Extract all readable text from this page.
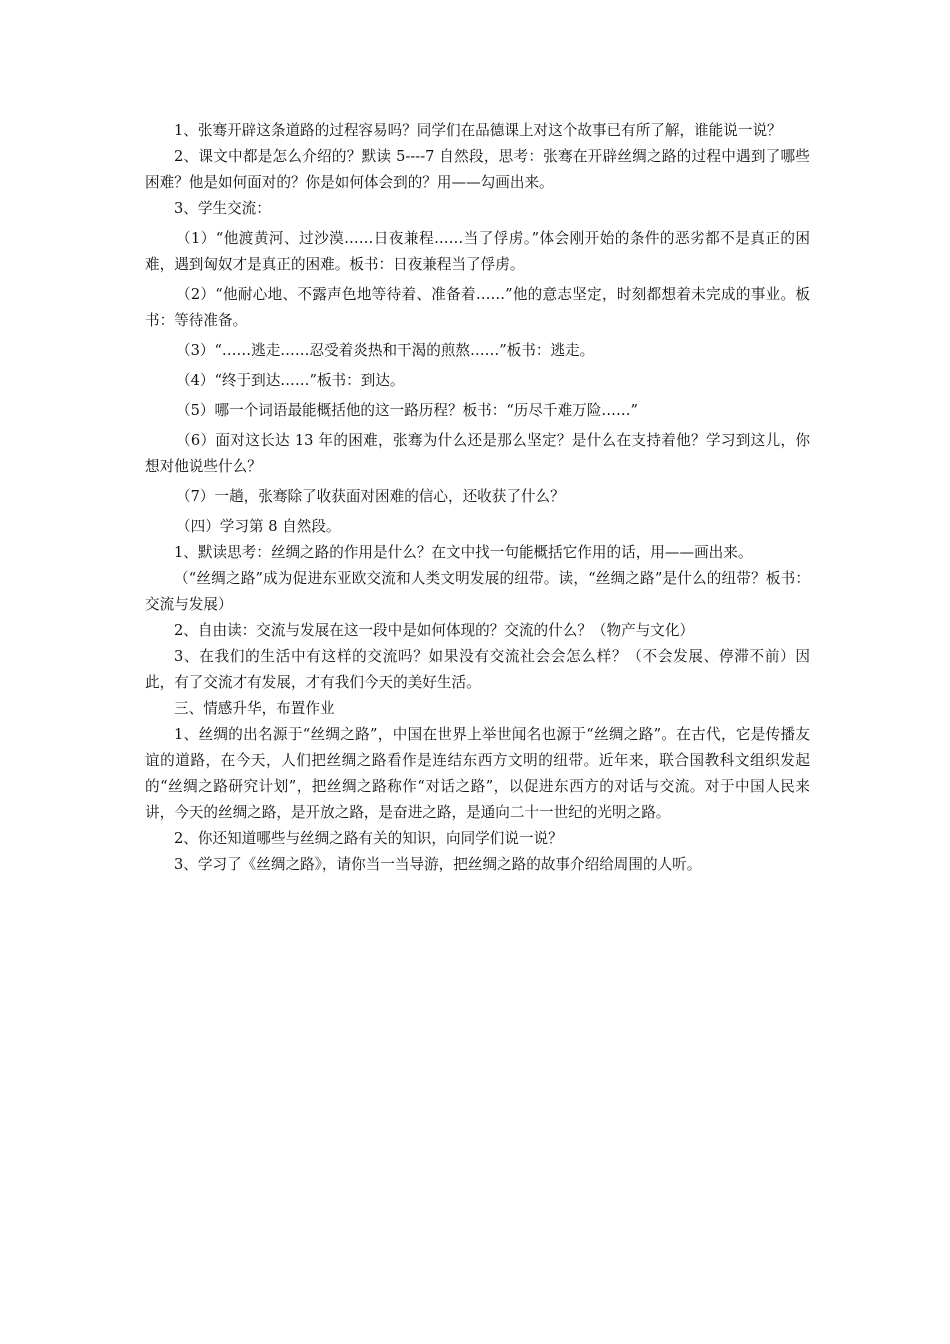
1、张骞开辟这条道路的过程容易吗？同学们在品德课上对这个故事已有所了解，谁能说一说？

2、课文中都是怎么介绍的？默读 5----7 自然段，思考：张骞在开辟丝绸之路的过程中遇到了哪些困难？他是如何面对的？你是如何体会到的？用——勾画出来。

3、学生交流：

（1）“他渡黄河、过沙漠……日夜兼程……当了俘虏。”体会刚开始的条件的恶劣都不是真正的困难，遇到匈奴才是真正的困难。板书：日夜兼程当了俘虏。

（2）“他耐心地、不露声色地等待着、准备着……”他的意志坚定，时刻都想着未完成的事业。板书：等待准备。

（3）“……逃走……忍受着炎热和干渴的煎熬……”板书：逃走。

（4）“终于到达……”板书：到达。

（5）哪一个词语最能概括他的这一路历程？板书：“历尽千难万险……”

（6）面对这长达 13 年的困难，张骞为什么还是那么坚定？是什么在支持着他？学习到这儿，你想对他说些什么？

（7）一趟，张骞除了收获面对困难的信心，还收获了什么？

（四）学习第 8 自然段。

1、默读思考：丝绸之路的作用是什么？在文中找一句能概括它作用的话，用——画出来。

（“丝绸之路”成为促进东亚欧交流和人类文明发展的纽带。读，“丝绸之路”是什么的纽带？板书：交流与发展）

2、自由读：交流与发展在这一段中是如何体现的？交流的什么？（物产与文化）

3、在我们的生活中有这样的交流吗？如果没有交流社会会怎么样？（不会发展、停滞不前）因此，有了交流才有发展，才有我们今天的美好生活。

三、情感升华，布置作业

1、丝绸的出名源于“丝绸之路”，中国在世界上举世闻名也源于“丝绸之路”。在古代，它是传播友谊的道路，在今天，人们把丝绸之路看作是连结东西方文明的纽带。近年来，联合国教科文组织发起的“丝绸之路研究计划”，把丝绸之路称作“对话之路”，以促进东西方的对话与交流。对于中国人民来讲，今天的丝绸之路，是开放之路，是奋进之路，是通向二十一世纪的光明之路。

2、你还知道哪些与丝绸之路有关的知识，向同学们说一说？

3、学习了《丝绸之路》，请你当一当导游，把丝绸之路的故事介绍给周围的人听。
